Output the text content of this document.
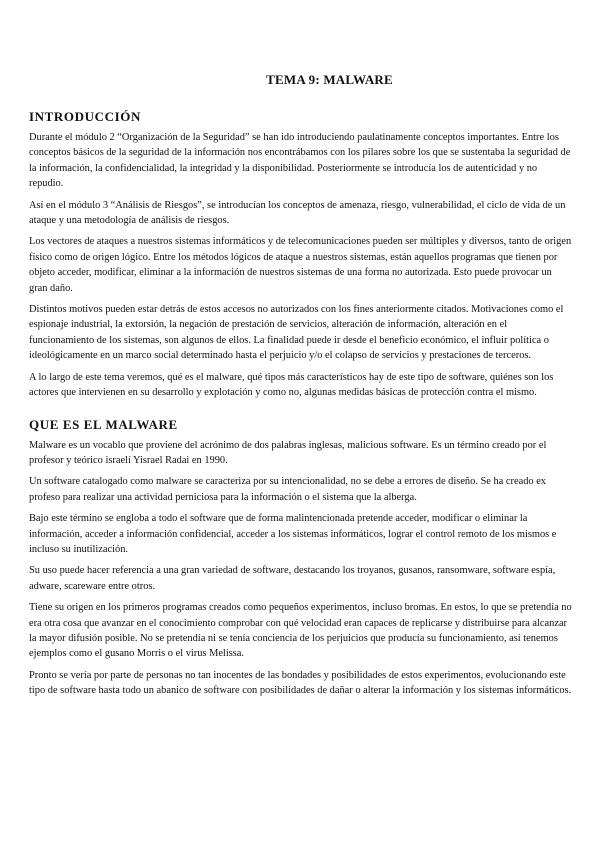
TEMA 9: MALWARE
INTRODUCCIÓN

Durante el módulo 2 “Organización de la Seguridad” se han ido introduciendo paulatinamente conceptos importantes. Entre los conceptos básicos de la seguridad de la información nos encontrábamos con los pilares sobre los que se sustentaba la seguridad de la información, la confidencialidad, la integridad y la disponibilidad. Posteriormente se introducía los de autenticidad y no repudio.

Así en el módulo 3 “Análisis de Riesgos”, se introducían los conceptos de amenaza, riesgo, vulnerabilidad, el ciclo de vida de un ataque y una metodología de análisis de riesgos.

Los vectores de ataques a nuestros sistemas informáticos y de telecomunicaciones pueden ser múltiples y diversos, tanto de origen físico como de origen lógico. Entre los métodos lógicos de ataque a nuestros sistemas, están aquellos programas que tienen por objeto acceder, modificar, eliminar a la información de nuestros sistemas de una forma no autorizada. Esto puede provocar un gran daño.

Distintos motivos pueden estar detrás de estos accesos no autorizados con los fines anteriormente citados. Motivaciones como el espionaje industrial, la extorsión, la negación de prestación de servicios, alteración de información, alteración en el funcionamiento de los sistemas, son algunos de ellos. La finalidad puede ir desde el beneficio económico, el influir política o ideológicamente en un marco social determinado hasta el perjuicio y/o el colapso de servicios y prestaciones de terceros.

A lo largo de este tema veremos, qué es el malware, qué tipos más característicos hay de este tipo de software, quiénes son los actores que intervienen en su desarrollo y explotación y como no, algunas medidas básicas de protección contra el mismo.

QUE ES EL MALWARE

Malware es un vocablo que proviene del acrónimo de dos palabras inglesas, malicious software. Es un término creado por el profesor y teórico israelí Yisrael Radai en 1990.

Un software catalogado como malware se caracteriza por su intencionalidad, no se debe a errores de diseño. Se ha creado ex profeso para realizar una actividad perniciosa para la información o el sistema que la alberga.

Bajo este término se engloba a todo el software que de forma malintencionada pretende acceder, modificar o eliminar la información, acceder a información confidencial, acceder a los sistemas informáticos, lograr el control remoto de los mismos e incluso su inutilización.

Su uso puede hacer referencia a una gran variedad de software, destacando los troyanos, gusanos, ransomware, software espía, adware, scareware entre otros.

Tiene su origen en los primeros programas creados como pequeños experimentos, incluso bromas. En estos, lo que se pretendía no era otra cosa que avanzar en el conocimiento comprobar con qué velocidad eran capaces de replicarse y distribuirse para alcanzar la mayor difusión posible. No se pretendía ni se tenía conciencia de los perjuicios que producía su funcionamiento, así tenemos ejemplos como el gusano Morris o el virus Melissa.

Pronto se vería por parte de personas no tan inocentes de las bondades y posibilidades de estos experimentos, evolucionando este tipo de software hasta todo un abanico de software con posibilidades de dañar o alterar la información y los sistemas informáticos.
